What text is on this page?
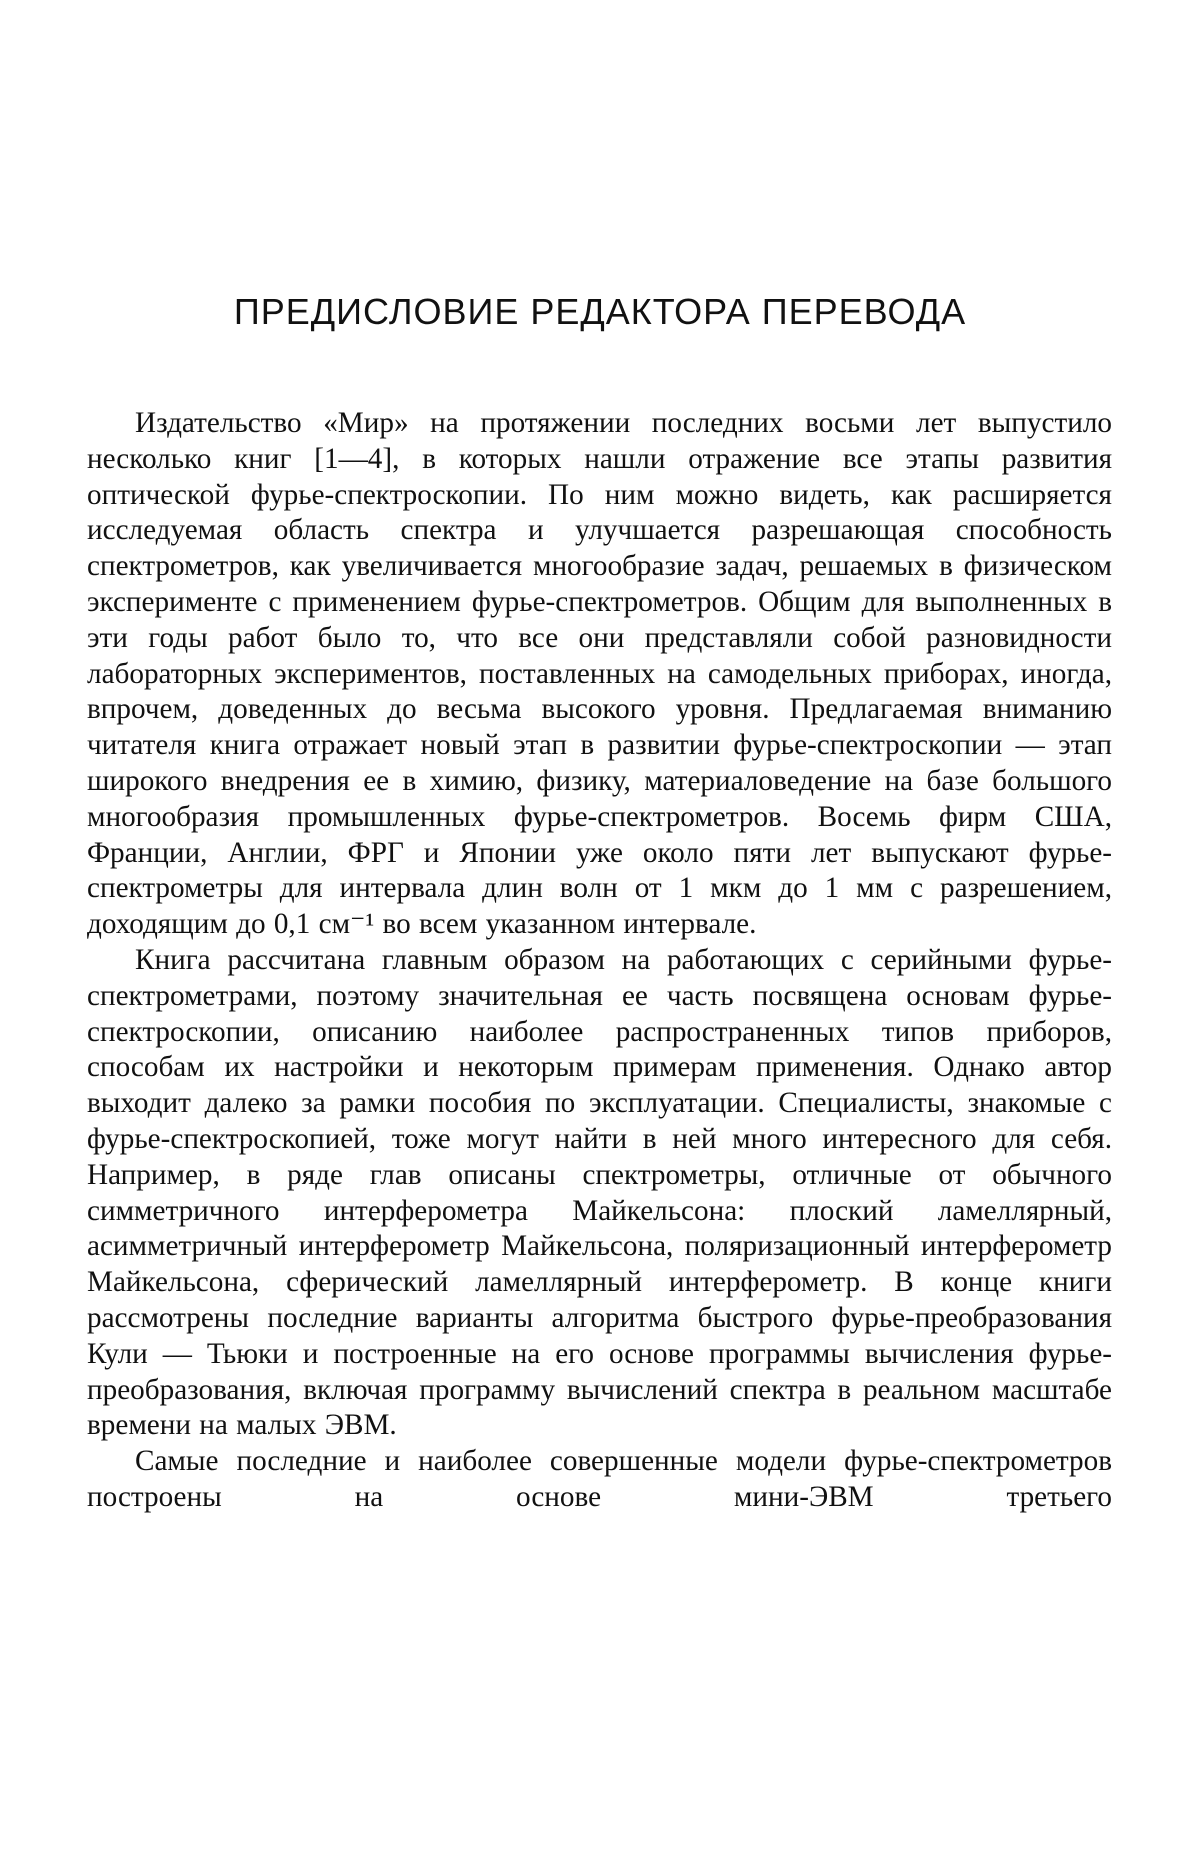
ПРЕДИСЛОВИЕ РЕДАКТОРА ПЕРЕВОДА

Издательство «Мир» на протяжении последних восьми лет выпустило несколько книг [1—4], в которых нашли отражение все этапы развития оптической фурье-спектроскопии. По ним можно видеть, как расширяется исследуемая область спектра и улучшается разрешающая способность спектрометров, как увеличивается многообразие задач, решаемых в физическом эксперименте с применением фурье-спектрометров. Общим для выполненных в эти годы работ было то, что все они представляли собой разновидности лабораторных экспериментов, поставленных на самодельных приборах, иногда, впрочем, доведенных до весьма высокого уровня. Предлагаемая вниманию читателя книга отражает новый этап в развитии фурье-спектроскопии — этап широкого внедрения ее в химию, физику, материаловедение на базе большого многообразия промышленных фурье-спектрометров. Восемь фирм США, Франции, Англии, ФРГ и Японии уже около пяти лет выпускают фурье-спектрометры для интервала длин волн от 1 мкм до 1 мм с разрешением, доходящим до 0,1 см⁻¹ во всем указанном интервале.

Книга рассчитана главным образом на работающих с серийными фурье-спектрометрами, поэтому значительная ее часть посвящена основам фурье-спектроскопии, описанию наиболее распространенных типов приборов, способам их настройки и некоторым примерам применения. Однако автор выходит далеко за рамки пособия по эксплуатации. Специалисты, знакомые с фурье-спектроскопией, тоже могут найти в ней много интересного для себя. Например, в ряде глав описаны спектрометры, отличные от обычного симметричного интерферометра Майкельсона: плоский ламеллярный, асимметричный интерферометр Майкельсона, поляризационный интерферометр Майкельсона, сферический ламеллярный интерферометр. В конце книги рассмотрены последние варианты алгоритма быстрого фурье-преобразования Кули — Тьюки и построенные на его основе программы вычисления фурье-преобразования, включая программу вычислений спектра в реальном масштабе времени на малых ЭВМ.

Самые последние и наиболее совершенные модели фурье-спектрометров построены на основе мини-ЭВМ третьего
